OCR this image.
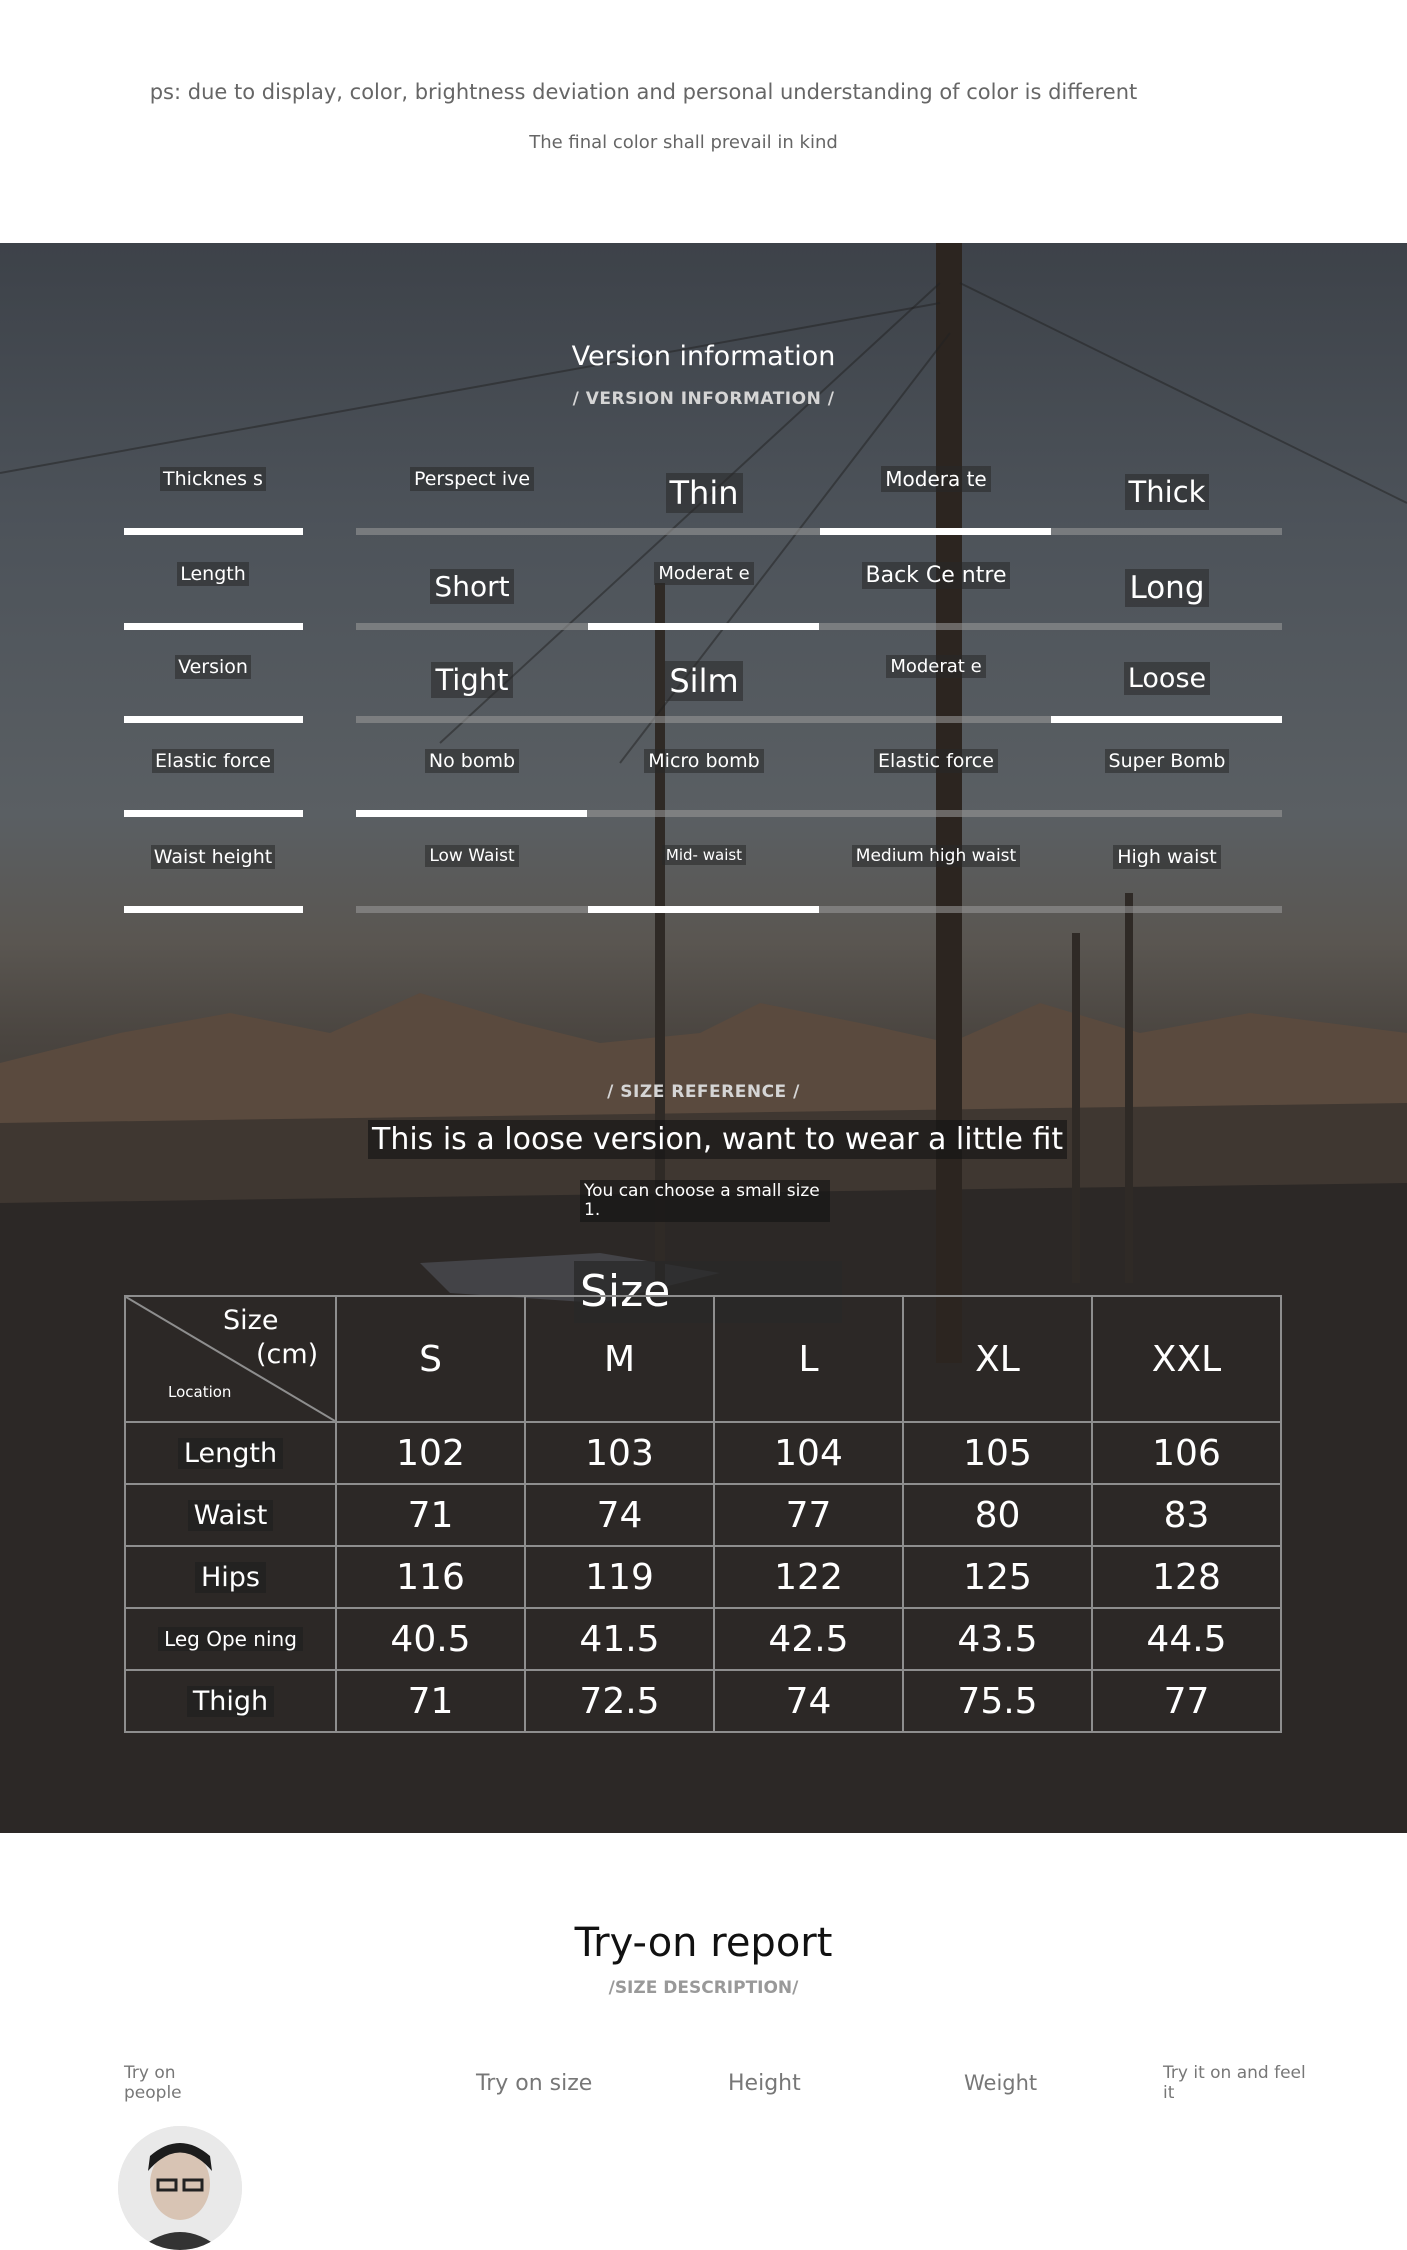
ps: due to display, color, brightness deviation and personal understanding of color is different
The final color shall prevail in kind
Version information
/ VERSION INFORMATION /
Thicknes s	Perspect ive	Thin	Modera te	Thick
Length	Short	Moderat e	Back Ce ntre	Long
Version	Tight	Silm	Moderat e	Loose
Elastic force	No bomb	Micro bomb	Elastic force	Super Bomb
Waist height	Low Waist	Mid- waist	Medium high waist	High waist
Size
/ SIZE REFERENCE /
This is a loose version, want to wear a little fit
You can choose a small size 1.
Size
(cm)
Location	S	M	L	XL	XXL
Length	102	103	104	105	106
Waist	71	74	77	80	83
Hips	116	119	122	125	128
Leg Ope ning	40.5	41.5	42.5	43.5	44.5
Thigh	71	72.5	74	75.5	77
Try-on report
/SIZE DESCRIPTION/
Try on people	Try on size	Height	Weight	Try it on and feel it
